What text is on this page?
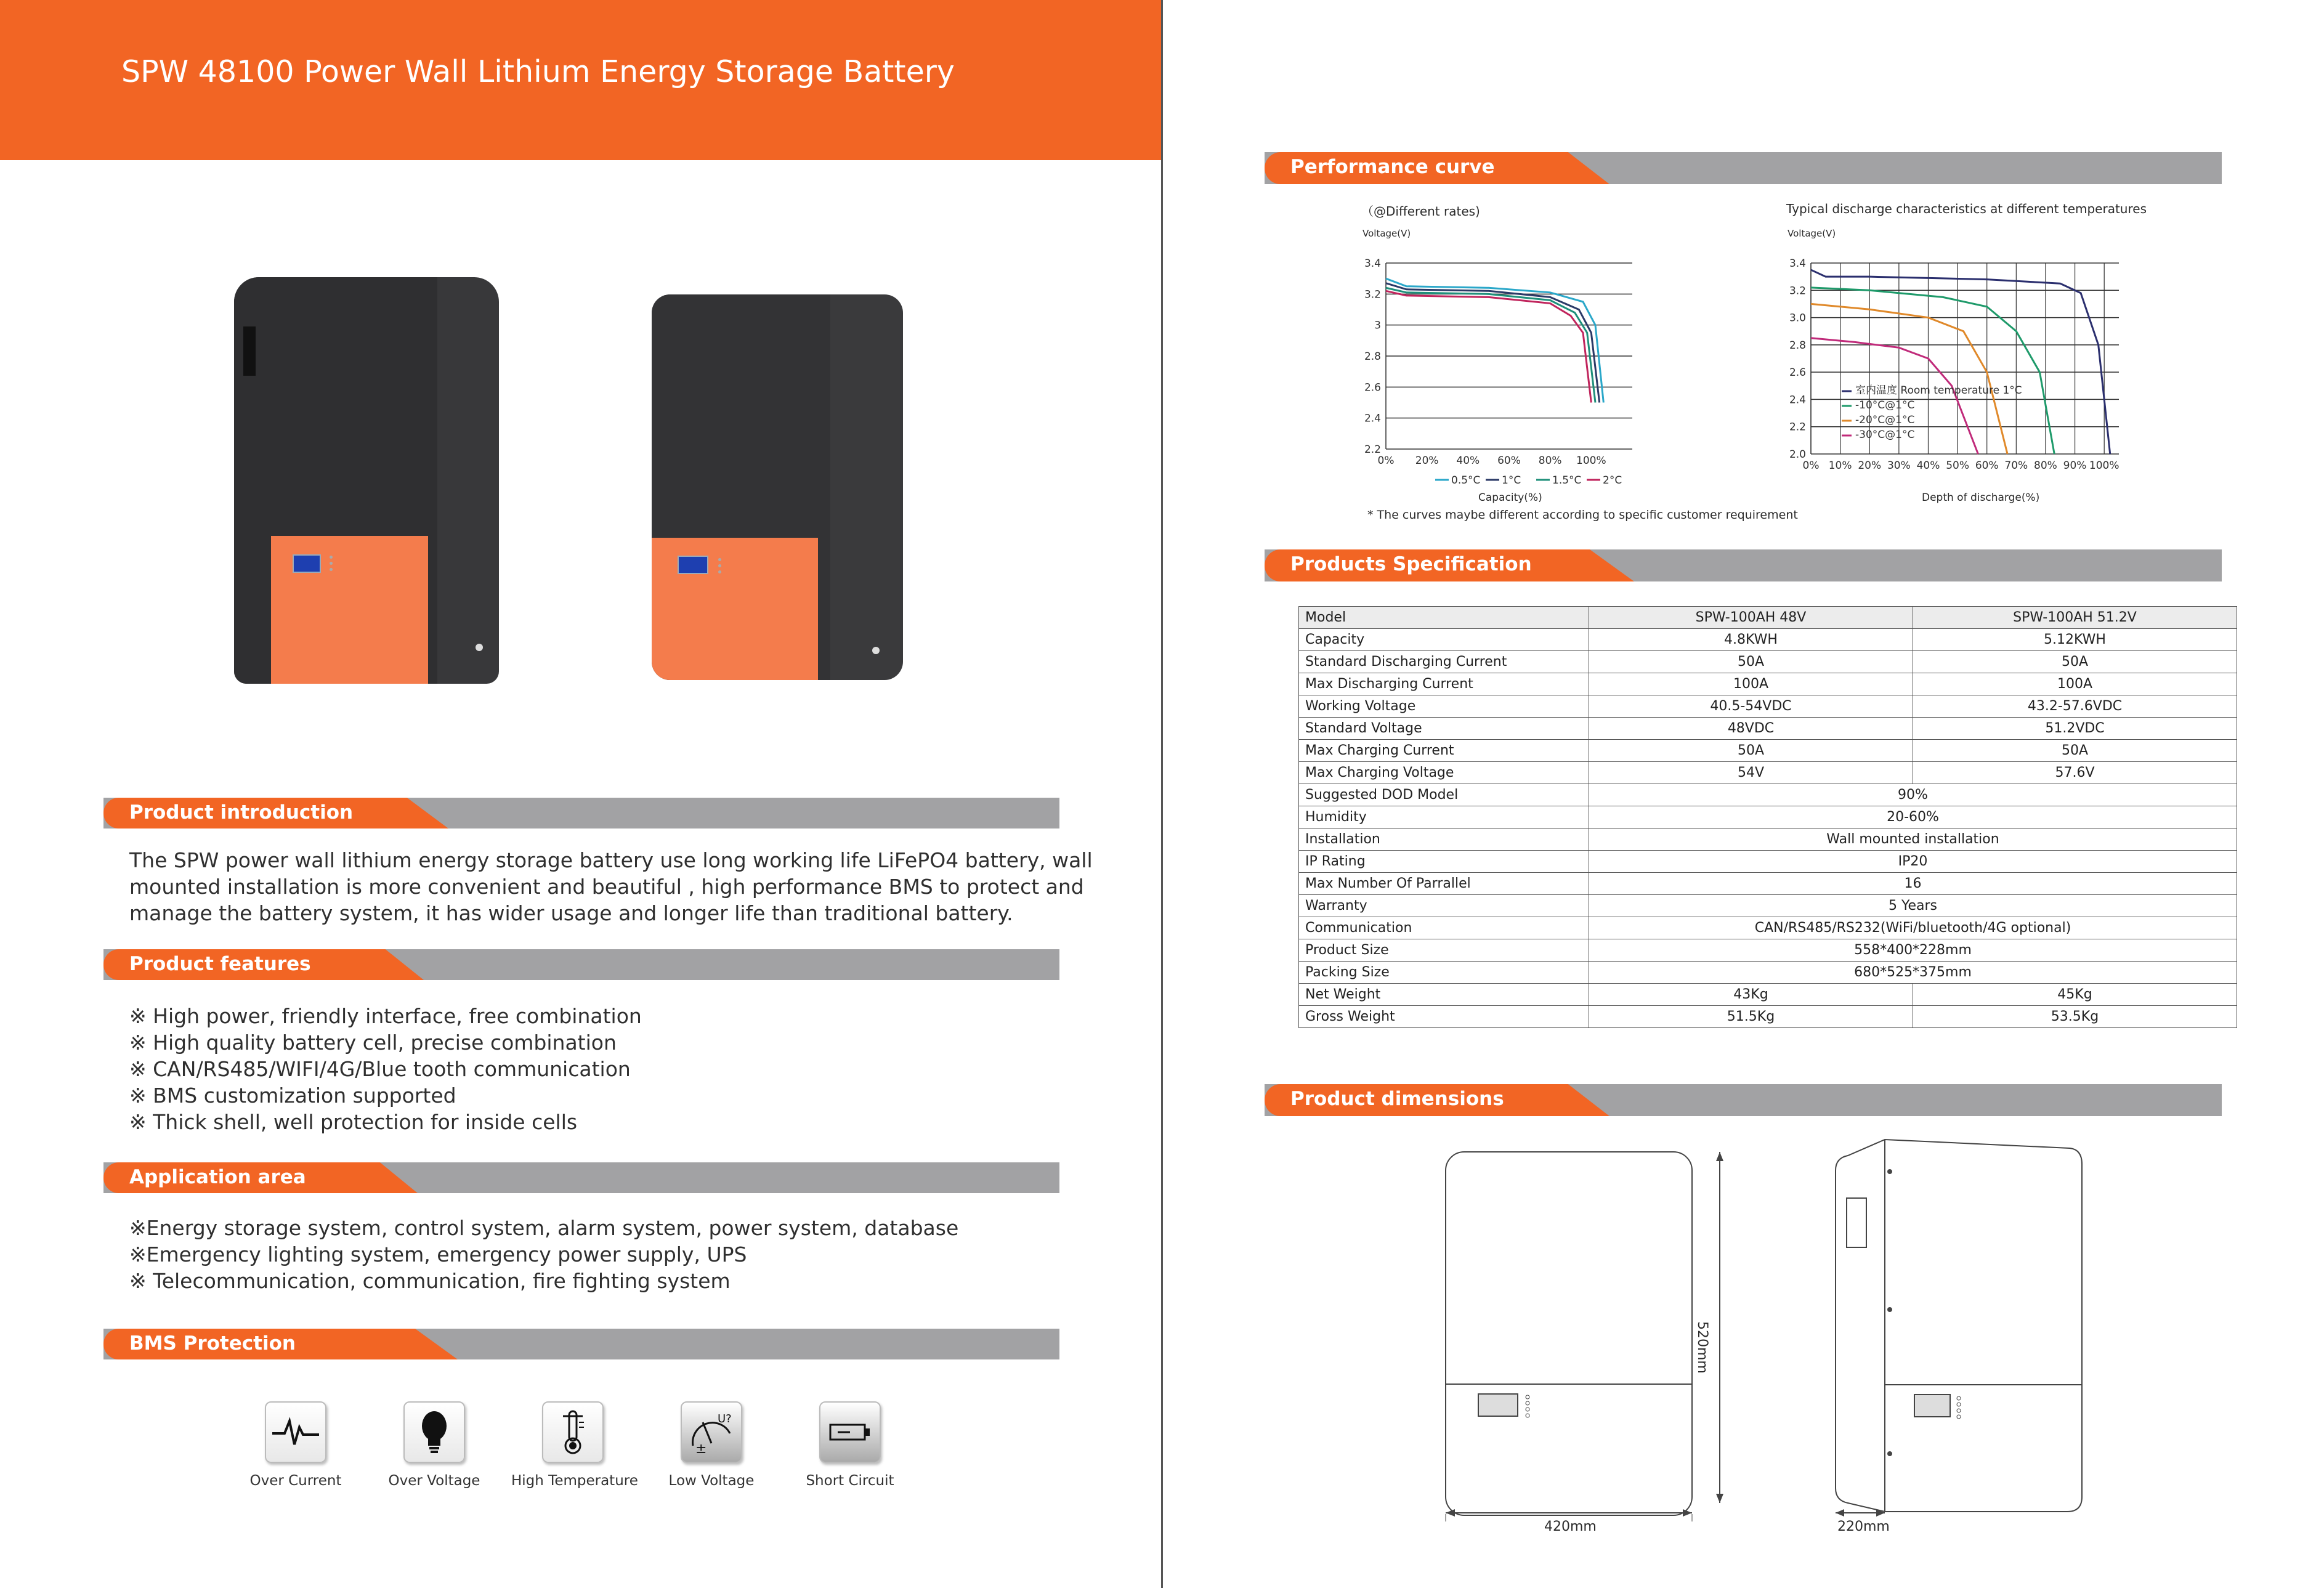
SPW 48100 Power Wall Lithium Energy Storage Battery
Product introduction
The SPW power wall lithium energy storage battery use long working life LiFePO4 battery, wall
mounted installation is more convenient and beautiful , high performance BMS to protect and
manage the battery system, it has wider usage and longer life than traditional battery.
Product features
※ High power, friendly interface, free combination
※ High quality battery cell, precise combination
※ CAN/RS485/WIFI/4G/Blue tooth communication
※ BMS customization supported
※ Thick shell, well protection for inside cells
Application area
※Energy storage system, control system, alarm system, power system, database
※Emergency lighting system, emergency power supply, UPS
※ Telecommunication, communication, fire fighting system
BMS Protection
Over Current	Over Voltage	High Temperature
±
U?
Low Voltage	Short Circuit
Performance curve
（@Different rates)
Voltage(V)
3.4
3.2
3
2.8
2.6
2.4
2.2
0% 20% 40% 60% 80% 100%
0.5°C 1°C	1.5°C 2°C
Capacity(%)
Typical discharge characteristics at different temperatures
Voltage(V)
3.4
3.2
3.0
2.8
2.6
2.4
2.2
2.0
0% 10% 20% 30% 40% 50% 60% 70% 80% 90% 100%
室内温度 Room temperature 1°C
-10°C@1°C
-20°C@1°C
-30°C@1°C
Depth of discharge(%)
* The curves maybe different according to specific customer requirement
Products Specification
Model	SPW-100AH 48V	SPW-100AH 51.2V
Capacity	4.8KWH	5.12KWH
Standard Discharging Current	50A	50A
Max Discharging Current	100A	100A
Working Voltage	40.5-54VDC	43.2-57.6VDC
Standard Voltage	48VDC	51.2VDC
Max Charging Current	50A	50A
Max Charging Voltage	54V	57.6V
Suggested DOD Model	90%	
Humidity	20-60%	
Installation	Wall mounted installation	
IP Rating	IP20	
Max Number Of Parrallel	16	
Warranty	5 Years	
Communication	CAN/RS485/RS232(WiFi/bluetooth/4G optional)	
Product Size	558*400*228mm	
Packing Size	680*525*375mm	
Net Weight	43Kg	45Kg
Gross Weight	51.5Kg	53.5Kg
Product dimensions
420mm
520mm
220mm
